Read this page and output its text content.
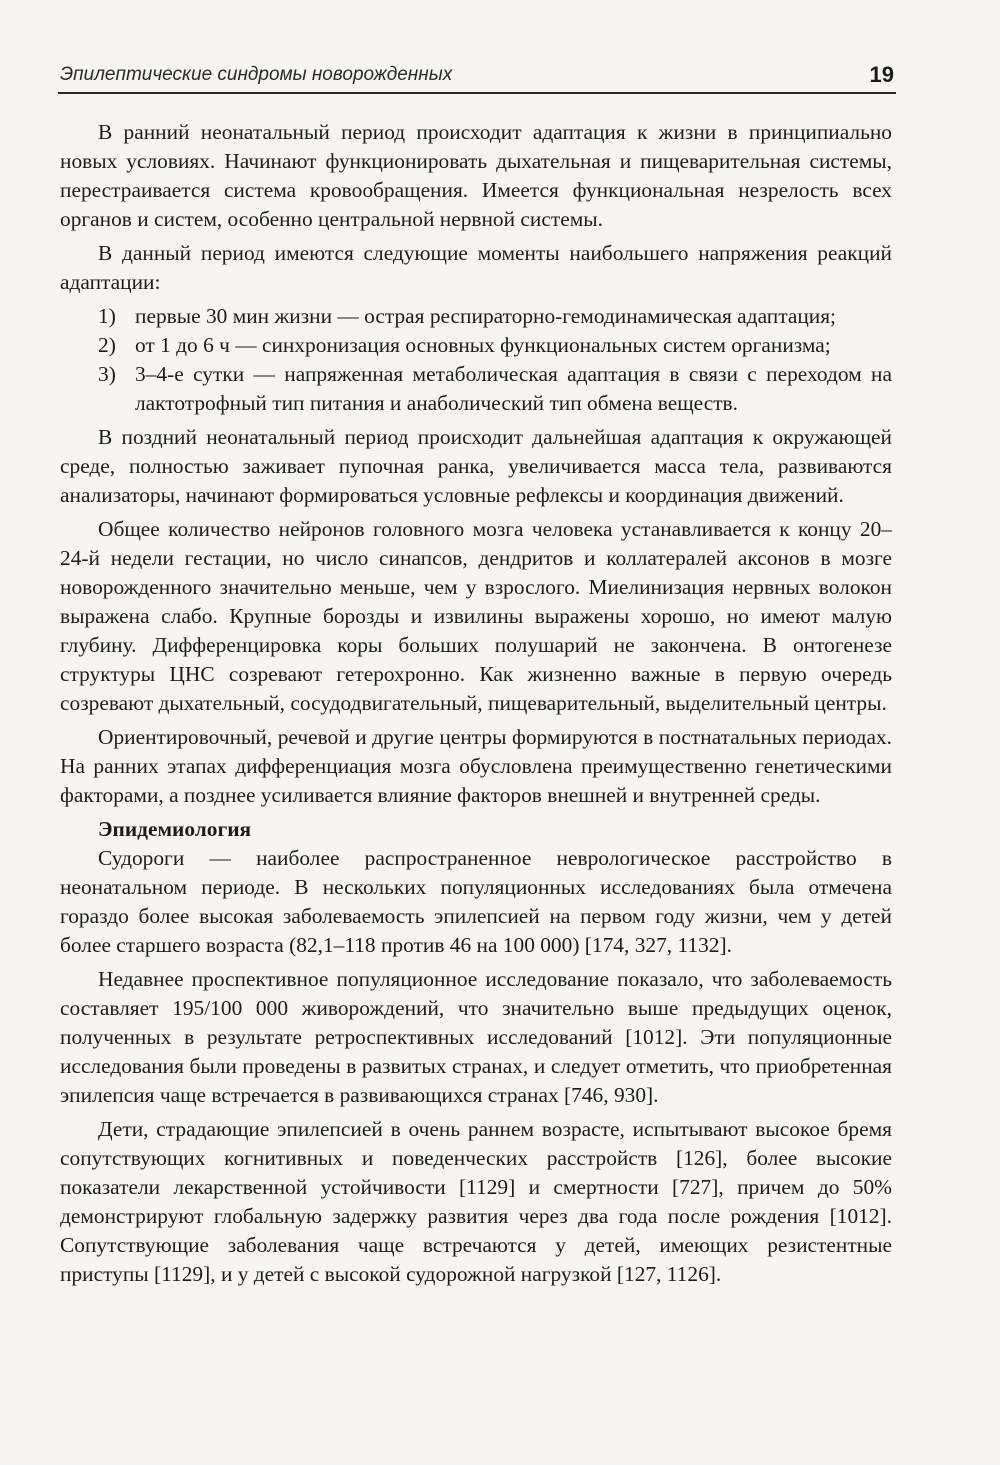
Эпилептические синдромы новорожденных	19

В ранний неонатальный период происходит адаптация к жизни в принципиально новых условиях. Начинают функционировать дыхательная и пищеварительная системы, перестраивается система кровообращения. Имеется функциональная незрелость всех органов и систем, особенно центральной нервной системы.

В данный период имеются следующие моменты наибольшего напряжения реакций адаптации:

1) первые 30 мин жизни — острая респираторно-гемодинамическая адаптация;
2) от 1 до 6 ч — синхронизация основных функциональных систем организма;
3) 3–4-е сутки — напряженная метаболическая адаптация в связи с переходом на лактотрофный тип питания и анаболический тип обмена веществ.

В поздний неонатальный период происходит дальнейшая адаптация к окружающей среде, полностью заживает пупочная ранка, увеличивается масса тела, развиваются анализаторы, начинают формироваться условные рефлексы и координация движений.

Общее количество нейронов головного мозга человека устанавливается к концу 20–24-й недели гестации, но число синапсов, дендритов и коллатералей аксонов в мозге новорожденного значительно меньше, чем у взрослого. Миелинизация нервных волокон выражена слабо. Крупные борозды и извилины выражены хорошо, но имеют малую глубину. Дифференцировка коры больших полушарий не закончена. В онтогенезе структуры ЦНС созревают гетерохронно. Как жизненно важные в первую очередь созревают дыхательный, сосудодвигательный, пищеварительный, выделительный центры.

Ориентировочный, речевой и другие центры формируются в постнатальных периодах. На ранних этапах дифференциация мозга обусловлена преимущественно генетическими факторами, а позднее усиливается влияние факторов внешней и внутренней среды.

Эпидемиология

Судороги — наиболее распространенное неврологическое расстройство в неонатальном периоде. В нескольких популяционных исследованиях была отмечена гораздо более высокая заболеваемость эпилепсией на первом году жизни, чем у детей более старшего возраста (82,1–118 против 46 на 100 000) [174, 327, 1132].

Недавнее проспективное популяционное исследование показало, что заболеваемость составляет 195/100 000 живорождений, что значительно выше предыдущих оценок, полученных в результате ретроспективных исследований [1012]. Эти популяционные исследования были проведены в развитых странах, и следует отметить, что приобретенная эпилепсия чаще встречается в развивающихся странах [746, 930].

Дети, страдающие эпилепсией в очень раннем возрасте, испытывают высокое бремя сопутствующих когнитивных и поведенческих расстройств [126], более высокие показатели лекарственной устойчивости [1129] и смертности [727], причем до 50% демонстрируют глобальную задержку развития через два года после рождения [1012]. Сопутствующие заболевания чаще встречаются у детей, имеющих резистентные приступы [1129], и у детей с высокой судорожной нагрузкой [127, 1126].
